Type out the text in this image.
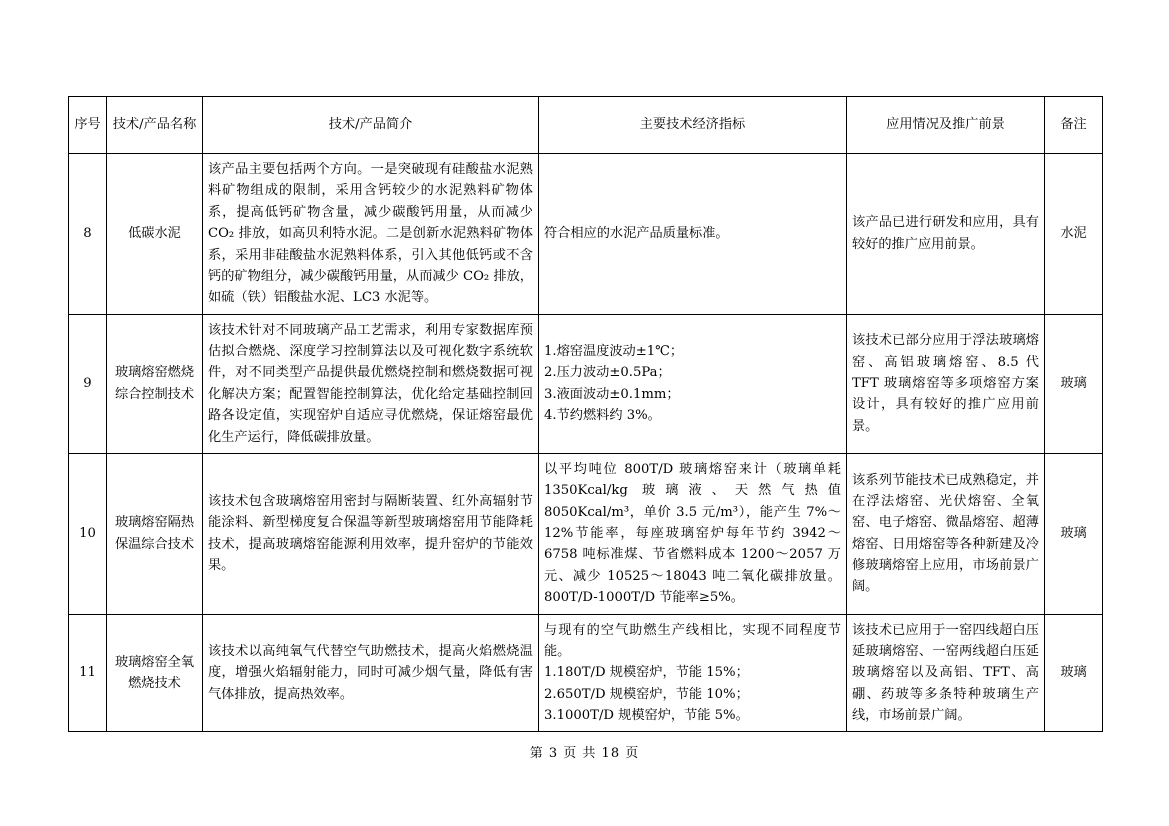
序号	技术/产品名称	技术/产品简介	主要技术经济指标	应用情况及推广前景	备注
8	低碳水泥	该产品主要包括两个方向。一是突破现有硅酸盐水泥熟料矿物组成的限制，采用含钙较少的水泥熟料矿物体系，提高低钙矿物含量，减少碳酸钙用量，从而减少 CO₂ 排放，如高贝利特水泥。二是创新水泥熟料矿物体系，采用非硅酸盐水泥熟料体系，引入其他低钙或不含钙的矿物组分，减少碳酸钙用量，从而减少 CO₂ 排放，如硫（铁）铝酸盐水泥、LC3 水泥等。	符合相应的水泥产品质量标准。	该产品已进行研发和应用，具有较好的推广应用前景。	水泥
9	玻璃熔窑燃烧综合控制技术	该技术针对不同玻璃产品工艺需求，利用专家数据库预估拟合燃烧、深度学习控制算法以及可视化数字系统软件，对不同类型产品提供最优燃烧控制和燃烧数据可视化解决方案；配置智能控制算法，优化给定基础控制回路各设定值，实现窑炉自适应寻优燃烧，保证熔窑最优化生产运行，降低碳排放量。	1.熔窑温度波动±1℃；
2.压力波动±0.5Pa；
3.液面波动±0.1mm；
4.节约燃料约 3%。	该技术已部分应用于浮法玻璃熔窑、高铝玻璃熔窑、8.5 代 TFT 玻璃熔窑等多项熔窑方案设计，具有较好的推广应用前景。	玻璃
10	玻璃熔窑隔热保温综合技术	该技术包含玻璃熔窑用密封与隔断装置、红外高辐射节能涂料、新型梯度复合保温等新型玻璃熔窑用节能降耗技术，提高玻璃熔窑能源利用效率，提升窑炉的节能效果。	以平均吨位 800T/D 玻璃熔窑来计（玻璃单耗 1350Kcal/kg 玻璃液、天然气热值 8050Kcal/m³，单价 3.5 元/m³），能产生 7%～12%节能率，每座玻璃窑炉每年节约 3942～6758 吨标准煤、节省燃料成本 1200～2057 万元、减少 10525～18043 吨二氧化碳排放量。800T/D-1000T/D 节能率≥5%。	该系列节能技术已成熟稳定，并在浮法熔窑、光伏熔窑、全氧窑、电子熔窑、微晶熔窑、超薄熔窑、日用熔窑等各种新建及冷修玻璃熔窑上应用，市场前景广阔。	玻璃
11	玻璃熔窑全氧燃烧技术	该技术以高纯氧气代替空气助燃技术，提高火焰燃烧温度，增强火焰辐射能力，同时可减少烟气量，降低有害气体排放，提高热效率。	与现有的空气助燃生产线相比，实现不同程度节能。
1.180T/D 规模窑炉，节能 15%；
2.650T/D 规模窑炉，节能 10%；
3.1000T/D 规模窑炉，节能 5%。	该技术已应用于一窑四线超白压延玻璃熔窑、一窑两线超白压延玻璃熔窑以及高铝、TFT、高硼、药玻等多条特种玻璃生产线，市场前景广阔。	玻璃
第 3 页 共 18 页
